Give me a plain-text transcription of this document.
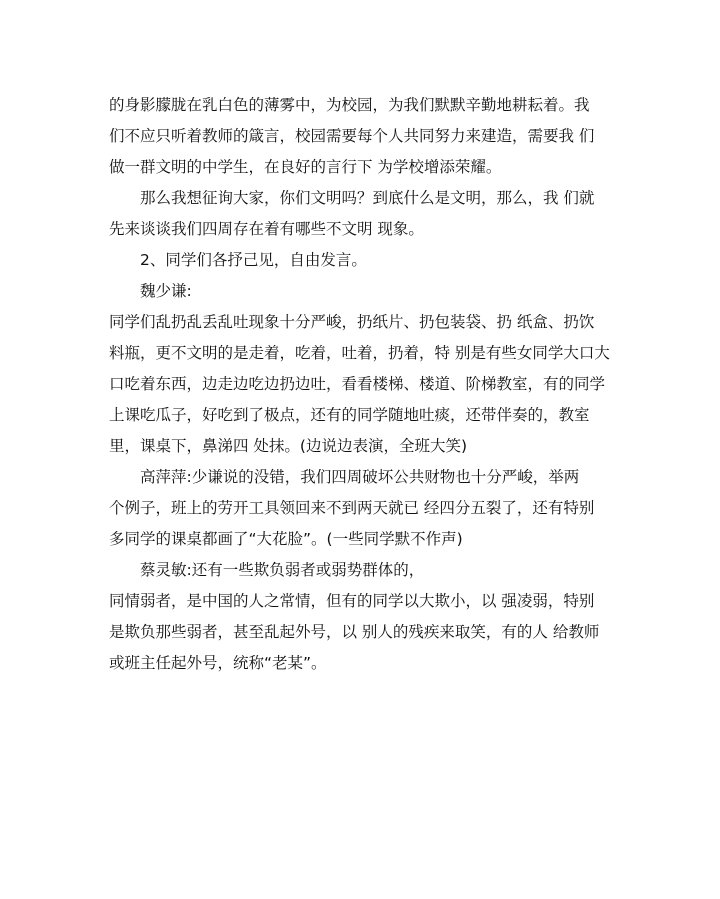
的身影朦胧在乳白色的薄雾中，为校园，为我们默默辛勤地耕耘着。我
们不应只听着教师的箴言，校园需要每个人共同努力来建造，需要我 们
做一群文明的中学生，在良好的言行下 为学校增添荣耀。
那么我想征询大家，你们文明吗？到底什么是文明，那么，我 们就
先来谈谈我们四周存在着有哪些不文明 现象。
2、同学们各抒己见，自由发言。
魏少谦:
同学们乱扔乱丢乱吐现象十分严峻，扔纸片、扔包装袋、扔 纸盒、扔饮
料瓶，更不文明的是走着，吃着，吐着，扔着，特 别是有些女同学大口大
口吃着东西，边走边吃边扔边吐，看看楼梯、楼道、阶梯教室，有的同学
上课吃瓜子，好吃到了极点，还有的同学随地吐痰，还带伴奏的，教室
里，课桌下，鼻涕四 处抹。(边说边表演，全班大笑)
高萍萍:少谦说的没错，我们四周破坏公共财物也十分严峻，举两
个例子，班上的劳开工具领回来不到两天就已 经四分五裂了，还有特别
多同学的课桌都画了“大花脸”。(一些同学默不作声)
蔡灵敏:还有一些欺负弱者或弱势群体的，
同情弱者，是中国的人之常情，但有的同学以大欺小，以 强凌弱，特别
是欺负那些弱者，甚至乱起外号，以 别人的残疾来取笑，有的人 给教师
或班主任起外号，统称“老某”。
